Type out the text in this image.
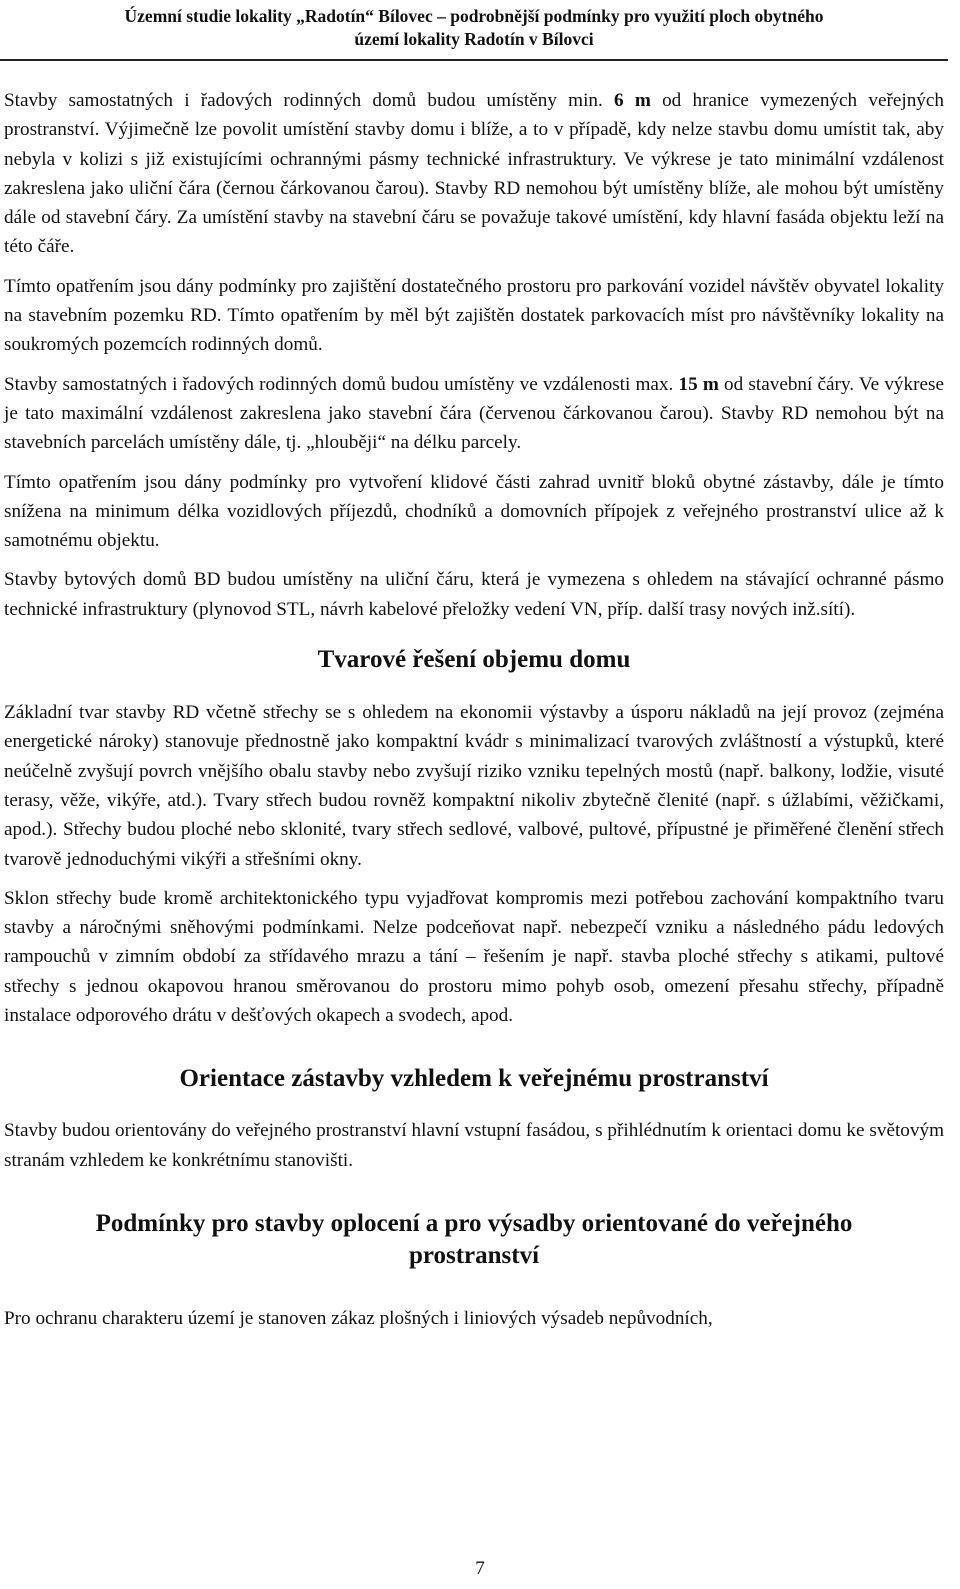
Územní studie lokality „Radotín“ Bílovec – podrobnější podmínky pro využití ploch obytného
území lokality Radotín v Bílovci

Stavby samostatných i řadových rodinných domů budou umístěny min. 6 m od hranice vymezených veřejných prostranství. Výjimečně lze povolit umístění stavby domu i blíže, a to v případě, kdy nelze stavbu domu umístit tak, aby nebyla v kolizi s již existujícími ochrannými pásmy technické infrastruktury. Ve výkrese je tato minimální vzdálenost zakreslena jako uliční čára (černou čárkovanou čarou). Stavby RD nemohou být umístěny blíže, ale mohou být umístěny dále od stavební čáry. Za umístění stavby na stavební čáru se považuje takové umístění, kdy hlavní fasáda objektu leží na této čáře.

Tímto opatřením jsou dány podmínky pro zajištění dostatečného prostoru pro parkování vozidel návštěv obyvatel lokality na stavebním pozemku RD. Tímto opatřením by měl být zajištěn dostatek parkovacích míst pro návštěvníky lokality na soukromých pozemcích rodinných domů.

Stavby samostatných i řadových rodinných domů budou umístěny ve vzdálenosti max. 15 m od stavební čáry. Ve výkrese je tato maximální vzdálenost zakreslena jako stavební čára (červenou čárkovanou čarou). Stavby RD nemohou být na stavebních parcelách umístěny dále, tj. „hlouběji“ na délku parcely.

Tímto opatřením jsou dány podmínky pro vytvoření klidové části zahrad uvnitř bloků obytné zástavby, dále je tímto snížena na minimum délka vozidlových příjezdů, chodníků a domovních přípojek z veřejného prostranství ulice až k samotnému objektu.

Stavby bytových domů BD budou umístěny na uliční čáru, která je vymezena s ohledem na stávající ochranné pásmo technické infrastruktury (plynovod STL, návrh kabelové přeložky vedení VN, příp. další trasy nových inž.sítí).

Tvarové řešení objemu domu

Základní tvar stavby RD včetně střechy se s ohledem na ekonomii výstavby a úsporu nákladů na její provoz (zejména energetické nároky) stanovuje přednostně jako kompaktní kvádr s minimalizací tvarových zvláštností a výstupků, které neúčelně zvyšují povrch vnějšího obalu stavby nebo zvyšují riziko vzniku tepelných mostů (např. balkony, lodžie, visuté terasy, věže, vikýře, atd.). Tvary střech budou rovněž kompaktní nikoliv zbytečně členité (např. s úžlabími, věžičkami, apod.). Střechy budou ploché nebo sklonité, tvary střech sedlové, valbové, pultové, přípustné je přiměřené členění střech tvarově jednoduchými vikýři a střešními okny.

Sklon střechy bude kromě architektonického typu vyjadřovat kompromis mezi potřebou zachování kompaktního tvaru stavby a náročnými sněhovými podmínkami. Nelze podceňovat např. nebezpečí vzniku a následného pádu ledových rampouchů v zimním období za střídavého mrazu a tání – řešením je např. stavba ploché střechy s atikami, pultové střechy s jednou okapovou hranou směrovanou do prostoru mimo pohyb osob, omezení přesahu střechy, případně instalace odporového drátu v dešťových okapech a svodech, apod.

Orientace zástavby vzhledem k veřejnému prostranství

Stavby budou orientovány do veřejného prostranství hlavní vstupní fasádou, s přihlédnutím k orientaci domu ke světovým stranám vzhledem ke konkrétnímu stanovišti.

Podmínky pro stavby oplocení a pro výsadby orientované do veřejného
prostranství

Pro ochranu charakteru území je stanoven zákaz plošných i liniových výsadeb nepůvodních,

7
